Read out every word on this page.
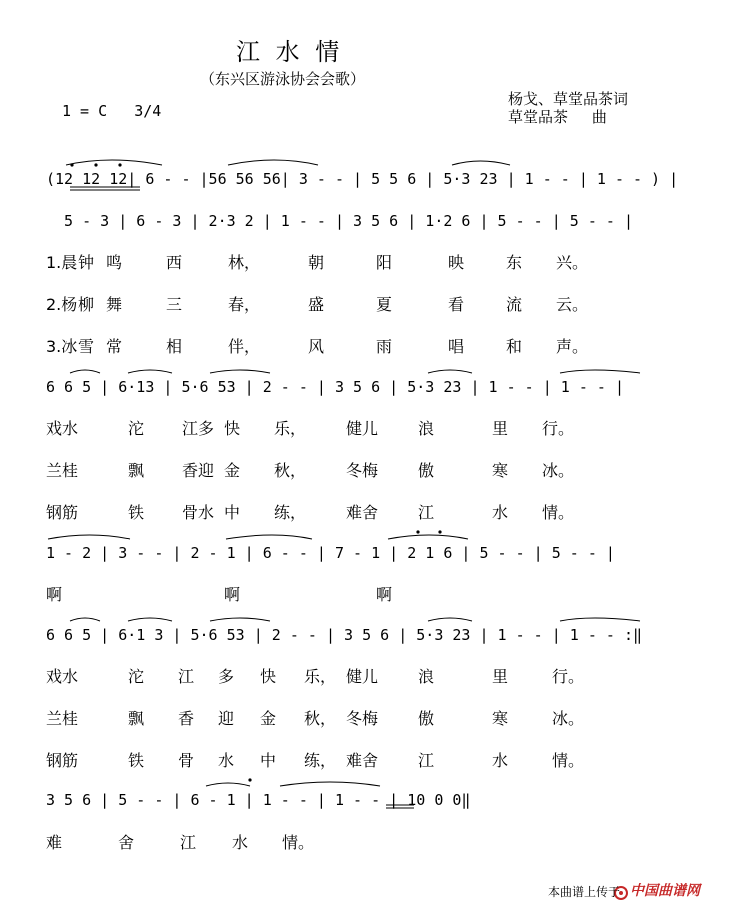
江 水 情
（东兴区游泳协会会歌）
1 = C   3/4
杨戈、草堂品茶词
草堂品茶     曲
(12 12 12| 6 - - |56 56 56| 3 - - | 5 5 6 | 5·3 23 | 1 - - | 1 - - ) |
5 - 3 | 6 - 3 | 2·3 2 | 1 - - | 3 5 6 | 1·2 6 | 5 - - | 5 - - |
6 6 5 | 6·13 | 5·6 53 | 2 - - | 3 5 6 | 5·3 23 | 1 - - | 1 - - |
1 - 2 | 3 - - | 2 - 1 | 6 - - | 7 - 1 | 2 1 6 | 5 - - | 5 - - |
6 6 5 | 6·1 3 | 5·6 53 | 2 - - | 3 5 6 | 5·3 23 | 1 - - | 1 - - :‖
3 5 6 | 5 - - | 6 - 1 | 1 - - | 1 - - | 10 0 0‖
1.晨 钟 鸣	西	林，	朝	阳	映	东 兴。
2.杨 柳 舞	三	春，	盛	夏	看	流 云。
3.冰 雪 常	相	伴，	风	雨	唱	和 声。
戏水	沱 江多 快 乐， 健儿 浪	里 行。
兰桂	飘 香迎 金 秋， 冬梅 傲	寒 冰。
钢筋	铁 骨水 中 练， 难舍 江	水 情。
啊	啊	啊
戏水	沱 江 多 快 乐， 健儿 浪	里	行。
兰桂	飘 香 迎 金 秋， 冬梅 傲	寒	冰。
钢筋	铁 骨 水 中 练， 难舍 江	水	情。
难	舍	江 水 情。
本曲谱上传于 中国曲谱网
